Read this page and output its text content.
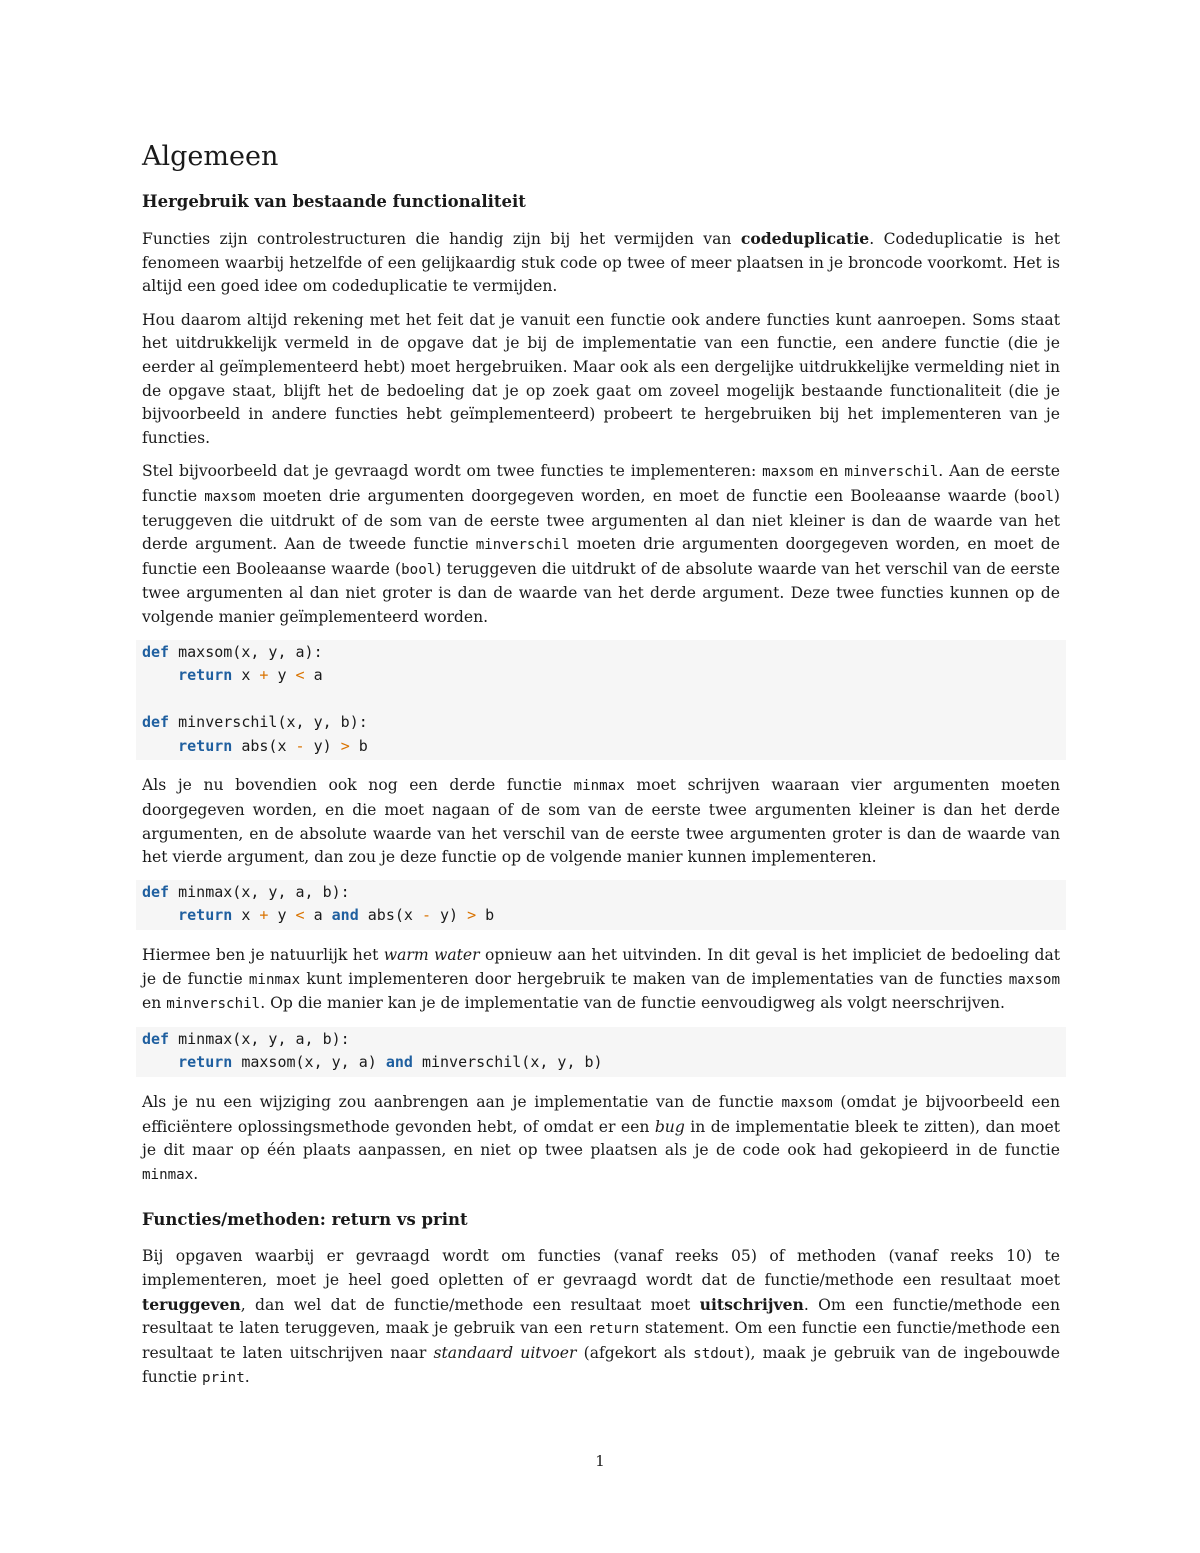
Algemeen
Hergebruik van bestaande functionaliteit

Functies zijn controlestructuren die handig zijn bij het vermijden van codeduplicatie. Codeduplicatie is het fenomeen waarbij hetzelfde of een gelijkaardig stuk code op twee of meer plaatsen in je broncode voorkomt. Het is altijd een goed idee om codeduplicatie te vermijden.

Hou daarom altijd rekening met het feit dat je vanuit een functie ook andere functies kunt aanroepen. Soms staat het uitdrukkelijk vermeld in de opgave dat je bij de implementatie van een functie, een andere functie (die je eerder al geïmplementeerd hebt) moet hergebruiken. Maar ook als een dergelijke uitdrukkelijke vermelding niet in de opgave staat, blijft het de bedoeling dat je op zoek gaat om zoveel mogelijk bestaande functionaliteit (die je bijvoorbeeld in andere functies hebt geïmplementeerd) probeert te hergebruiken bij het implementeren van je functies.

Stel bijvoorbeeld dat je gevraagd wordt om twee functies te implementeren: maxsom en minverschil. Aan de eerste functie maxsom moeten drie argumenten doorgegeven worden, en moet de functie een Booleaanse waarde (bool) teruggeven die uitdrukt of de som van de eerste twee argumenten al dan niet kleiner is dan de waarde van het derde argument. Aan de tweede functie minverschil moeten drie argumenten doorgegeven worden, en moet de functie een Booleaanse waarde (bool) teruggeven die uitdrukt of de absolute waarde van het verschil van de eerste twee argumenten al dan niet groter is dan de waarde van het derde argument. Deze twee functies kunnen op de volgende manier geïmplementeerd worden.

def maxsom(x, y, a):
return x + y < a

def minverschil(x, y, b):
return abs(x - y) > b

Als je nu bovendien ook nog een derde functie minmax moet schrijven waaraan vier argumenten moeten doorgegeven worden, en die moet nagaan of de som van de eerste twee argumenten kleiner is dan het derde argumenten, en de absolute waarde van het verschil van de eerste twee argumenten groter is dan de waarde van het vierde argument, dan zou je deze functie op de volgende manier kunnen implementeren.

def minmax(x, y, a, b):
return x + y < a and abs(x - y) > b

Hiermee ben je natuurlijk het warm water opnieuw aan het uitvinden. In dit geval is het impliciet de bedoeling dat je de functie minmax kunt implementeren door hergebruik te maken van de implementaties van de functies maxsom en minverschil. Op die manier kan je de implementatie van de functie eenvoudigweg als volgt neerschrijven.

def minmax(x, y, a, b):
return maxsom(x, y, a) and minverschil(x, y, b)

Als je nu een wijziging zou aanbrengen aan je implementatie van de functie maxsom (omdat je bijvoorbeeld een efficiëntere oplossingsmethode gevonden hebt, of omdat er een bug in de implementatie bleek te zitten), dan moet je dit maar op één plaats aanpassen, en niet op twee plaatsen als je de code ook had gekopieerd in de functie minmax.

Functies/methoden: return vs print

Bij opgaven waarbij er gevraagd wordt om functies (vanaf reeks 05) of methoden (vanaf reeks 10) te implementeren, moet je heel goed opletten of er gevraagd wordt dat de functie/methode een resultaat moet teruggeven, dan wel dat de functie/methode een resultaat moet uitschrijven. Om een functie/methode een resultaat te laten teruggeven, maak je gebruik van een return statement. Om een functie een functie/methode een resultaat te laten uitschrijven naar standaard uitvoer (afgekort als stdout), maak je gebruik van de ingebouwde functie print.

1
